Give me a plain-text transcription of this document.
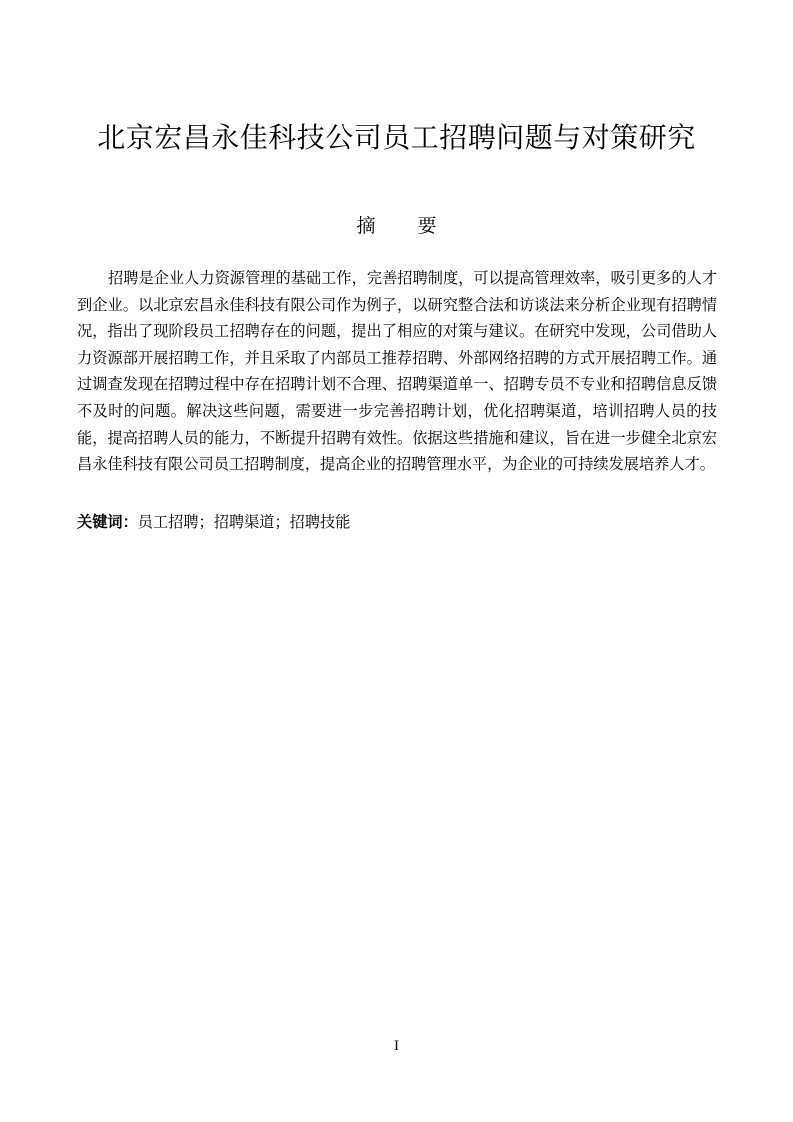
北京宏昌永佳科技公司员工招聘问题与对策研究
摘 要

招聘是企业人力资源管理的基础工作，完善招聘制度，可以提高管理效率，吸引更多的人才到企业。以北京宏昌永佳科技有限公司作为例子，以研究整合法和访谈法来分析企业现有招聘情况，指出了现阶段员工招聘存在的问题，提出了相应的对策与建议。在研究中发现，公司借助人力资源部开展招聘工作，并且采取了内部员工推荐招聘、外部网络招聘的方式开展招聘工作。通过调查发现在招聘过程中存在招聘计划不合理、招聘渠道单一、招聘专员不专业和招聘信息反馈不及时的问题。解决这些问题，需要进一步完善招聘计划，优化招聘渠道，培训招聘人员的技能，提高招聘人员的能力，不断提升招聘有效性。依据这些措施和建议，旨在进一步健全北京宏昌永佳科技有限公司员工招聘制度，提高企业的招聘管理水平，为企业的可持续发展培养人才。

关键词：员工招聘；招聘渠道；招聘技能
I
